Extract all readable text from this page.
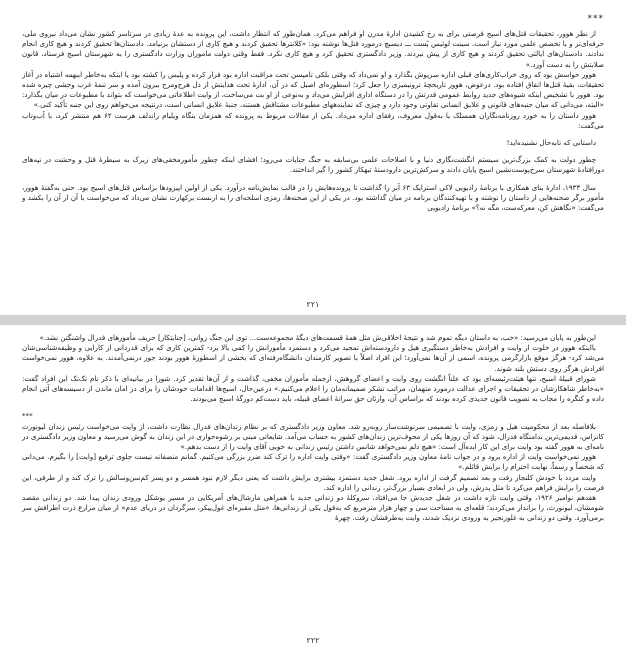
***

از نظر هوور، تحقیقات قتل‌های اسپج فرصتی برای به رخ کشیدن ادارهٔ مدرن او فراهم می‌کرد. همان‌طور که انتظار داشت، این پرونده به عدهٔ زیادی در سرتاسر کشور نشان می‌داد نیروی ملی، حرفه‌ای‌تر و با تخصص علمی مورد نیاز است. سینت لوئیس پُست ـــ دیسپچ درمورد قتل‌ها نوشته بود: «کلانترها تحقیق کردند و هیچ کاری از دستشان برنیامد. دادستان‌ها تحقیق کردند و هیچ کاری انجام ندادند. دادستان‌های ایالتی تحقیق کردند و هیچ کاری از پیش نبردند. وزیر دادگستری تحقیق کرد و هیچ کاری نکرد. فقط وقتی دولت ماموران وزارت دادگستری را به شهرستان اسیج فرستاد، قانون صلابتش را به دست آورد.»

هوور حواسش بود که روی خراب‌کاری‌های قبلی اداره سرپوش بگذارد و او نمی‌داد که وقتی بلکی تامپسن تحت مراقبت اداره بود فرار کرده و پلیس را کشته بود یا اینکه به‌خاطر اینهمه اشتباه در آغاز تحقیقات، بقیهٔ قتل‌ها اتفاق افتاده بود. درعوض، هوور تاریخچهٔ ترونیمیزی را جعل کرد؛ اسطوره‌ای اصیل که در آن، ادارهٔ تحت هدایتش از دل هرج‌ومرج بیرون آمده و سر تنمهٔ غرب وحشی چیره شده بود. هوور با تشخیص اینکه شیوه‌های جدید روابط عمومی قدرتش را در دستگاه اداری افزایش می‌داد و به‌نوعی از او بت می‌ساخت، از وایت اطلاعاتی می‌خواست که بتواند با مطبوعات در میان بگذارد: «البته، می‌دانی که میان جنبه‌های قانونی و علایق انسانی تفاوتی وجود دارد و چیزی که نمایندههای مطبوعات مشتاقش هستند، جنبهٔ علایق انسانی است، درنتیجه می‌خواهم روی این جنبه تأکید کنی.»

هوور داستان را به خورد روزنامه‌نگاران همسلک یا به‌قول معروف، رفقای اداره می‌داد. یکی از مقالات مربوط به پرونده که همزمان بنگاه ویلیام راندلف هرست ۶۲ هم منتشر کرد، با آب‌وتاب می‌گفت:

داستانی که تابه‌حال نشنیده‌اید!

چطور دولت به کمک بزرگ‌ترین سیستم انگشت‌نگاری دنیا و با اصلاحات علمی بی‌سابقه به جنگ جنایات می‌رود؛ افشای اینکه چطور مأمورمخفی‌های زیرک به سیطرهٔ قتل و وحشت در تپه‌های دورافتادهٔ شهرستان سرخ‌پوست‌نشین اسیج پایان دادند و سرکش‌ترین دارودستهٔ تبهکار کشور را گیر انداختند.

سال ۱۹۳۳، ادارهٔ بنای همکاری با برنامهٔ رادیویی لاکی استرایک ۶۳ آبر را گذاشت تا پرونده‌هایش را در قالب نمایش‌نامه درآورد. یکی از اولین اپیزودها براساس قتل‌های اسیج بود. حتی به‌گفتهٔ هوور، مأمور برگر صحنه‌هایی از داستان را نوشته و با تهیه‌کنندگان برنامه در میان گذاشته بود. در یکی از این صحنه‌ها، رمزی اسلحه‌ای را به ارنست برکهارت نشان می‌داد که می‌خواست با آن از آن را بکشد و می‌گفت: «نگاهش کن، معرکه‌ست، مگه نه؟» برنامهٔ رادیویی

۲۲۱

این‌طور به پایان می‌رسید: «خب، به داستان دیگه تموم شد و نتیجهٔ اخلاقی‌ش مثل همهٔ قسمت‌های دیگهٔ مجموعه‌ست... توی این جنگ روانی، [جنایتکار] حریف مأمورهای فدرال واشنگتن نشد.»

بااینکه هوور در خلوت از وایت و افرادش به‌خاطر دستگیری هیل و دارودسته‌اش تمجید می‌کرد و دستمزد مأمورانش را کمی بالا برد- کمترین کاری که برای قدردانی از کارایی و وظیفه‌شناسی‌شان می‌شد کرد- هرگز موقع بازارگرمی پرونده، اسمی از آن‌ها نمی‌آورد؛ این افراد اصلاً با تصویر کارمندان دانشگاه‌رفته‌ای که بخشی از اسطورهٔ هوور بودند جور درنمی‌آمدند. به علاوه، هوور نمی‌خواست افرادش هرگز روی دستش بلند شوند.

شورای قبیلهٔ اسیج، تنها هیئت‌رئیسه‌ای بود که علناً انگشت روی وایت و اعضای گروهش، ازجمله مأموران مخفی، گذاشت و از آن‌ها تقدیر کرد. شورا در بیانیه‌ای با ذکر نام تک‌تک این افراد گفت: «به‌خاطر شاهکارشان در تحقیقات و اجرای عدالت درمورد متهمان، مراتب تشکر صمیمانه‌مان را اعلام می‌کنیم.» درعین‌حال، اسیج‌ها اقدامات خودشان را برای در امان ماندن از دسیسه‌های آتی انجام داده و کنگره را مجاب به تصویب قانون جدیدی کرده بودند که براساس آن، وارثان حق سرانهٔ اعضای قبیله، باید دست‌کم دورگهٔ اسیج می‌بودند.

***

بلافاصله بعد از محکومیت هیل و رمزی، وایت با تصمیمی سرنوشت‌ساز روبه‌رو شد. معاون وزیر دادگستری که بر نظام زندان‌های فدرال نظارت داشت، از وایت می‌خواست رئیس زندان لیونورث کانزاس، قدیمی‌ترین ندامتگاه فدرال، شود که آن روزها یکی از مخوف‌ترین زندان‌های کشور به حساب می‌آمد. شایعاتی مبنی بر رشوه‌خواری در این زندان به گوش می‌رسید و معاون وزیر دادگستری در نامه‌ای به هوور گفته بود وایت برای این کار ایده‌آل است: «هیچ دلم نمی‌خواهد شانس داشتن رئیس زندانی به خوبی آقای وایت را از دست بدهم.»

هوور نمی‌خواست وایت از اداره برود و در جواب نامهٔ معاون وزیر دادگستری گفت: «وقتی وایت اداره را ترک کند ضرر بزرگی می‌کنیم. گمانم منصفانه نیست جلوی ترفیع [وایت] را بگیرم. می‌دانی که شخصاً و رسماً، نهایت احترام را برایش قائلم.»

وایت مردد با خودش کلنجار رفت و بعد تصمیم گرفت از اداره برود. شغل جدید دستمزد بیشتری برایش داشت که یعنی دیگر لازم نبود همسر و دو پسر کم‌سن‌وسالش را ترک کند و از طرفی، این فرصت را برایش فراهم می‌کرد تا مثل پدرش، ولی در ابعادی بسیار بزرگ‌تر، زندانی را اداره کند.

هفدهم نوامبر ۱۹۲۶، وقتی وایت تازه داشت در شغل جدیدش جا می‌افتاد، سروکلهٔ دو زندانی جدید با همراهی مارشال‌های آمریکایی در مسیر یوشکل ورودی زندان پیدا شد. دو زندانی مقصد شومشان، لیونورث، را براندار می‌کردند؛ قلعه‌ای به مساحت سی و چهار هزار مترمربع که به‌قول یکی از زندانی‌ها، «مثل مقبره‌ای غول‌پیکر، سرگردان در دریای عدم» از میان مزارع ذرت اطرافش سر برمی‌آورد. وقتی دو زندانی به غلوزنجیر به ورودی نزدیک شدند، وایت به‌طرفشان رفت. چهرهٔ

۲۲۲
